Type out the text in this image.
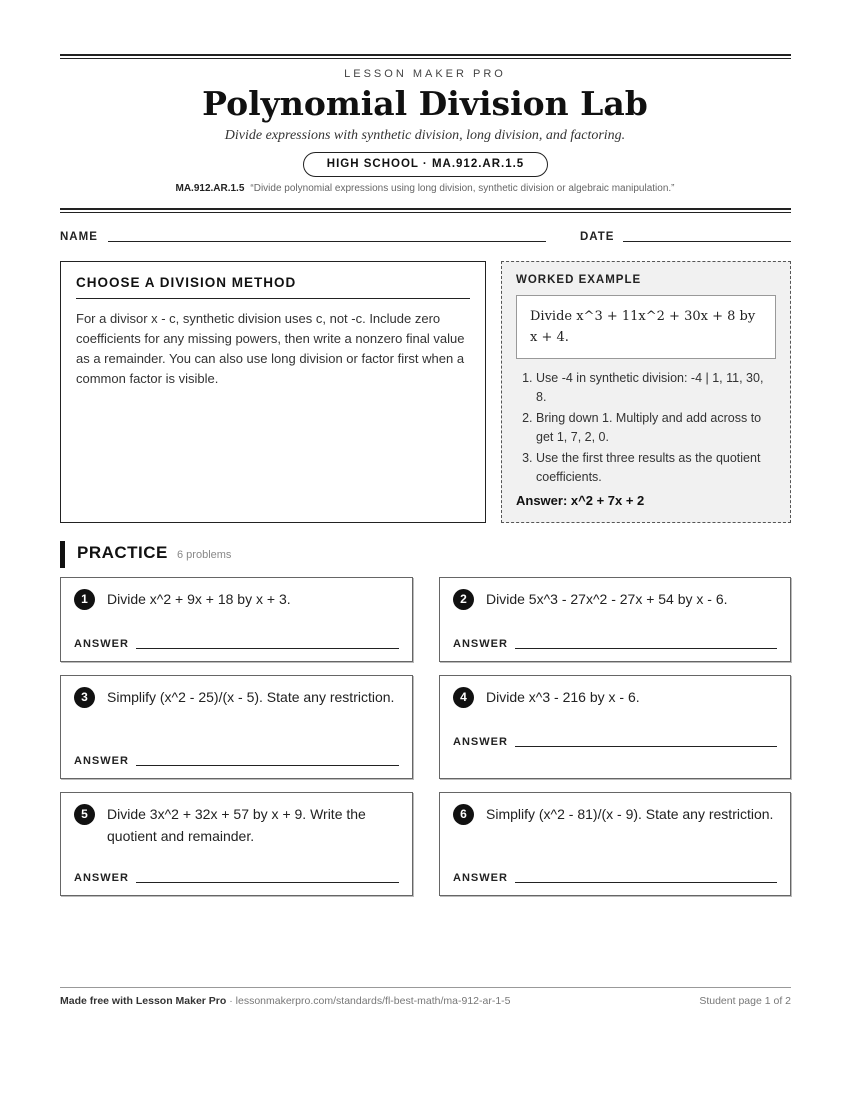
LESSON MAKER PRO
Polynomial Division Lab
Divide expressions with synthetic division, long division, and factoring.
HIGH SCHOOL · MA.912.AR.1.5
MA.912.AR.1.5 “Divide polynomial expressions using long division, synthetic division or algebraic manipulation.”
NAME	DATE
CHOOSE A DIVISION METHOD

For a divisor x - c, synthetic division uses c, not -c. Include zero coefficients for any missing powers, then write a nonzero final value as a remainder. You can also use long division or factor first when a common factor is visible.

WORKED EXAMPLE
Divide x^3 + 11x^2 + 30x + 8 by x + 4.
1. Use -4 in synthetic division: -4 | 1, 11, 30, 8.
2. Bring down 1. Multiply and add across to get 1, 7, 2, 0.
3. Use the first three results as the quotient coefficients.
Answer: x^2 + 7x + 2
PRACTICE 6 problems
1	Divide x^2 + 9x + 18 by x + 3.
ANSWER
2	Divide 5x^3 - 27x^2 - 27x + 54 by x - 6.
ANSWER
3	Simplify (x^2 - 25)/(x - 5). State any restriction.
ANSWER
4	Divide x^3 - 216 by x - 6.
ANSWER
5	Divide 3x^2 + 32x + 57 by x + 9. Write the quotient and remainder.
ANSWER
6	Simplify (x^2 - 81)/(x - 9). State any restriction.
ANSWER
Made free with Lesson Maker Pro · lessonmakerpro.com/standards/fl-best-math/ma-912-ar-1-5	Student page 1 of 2
